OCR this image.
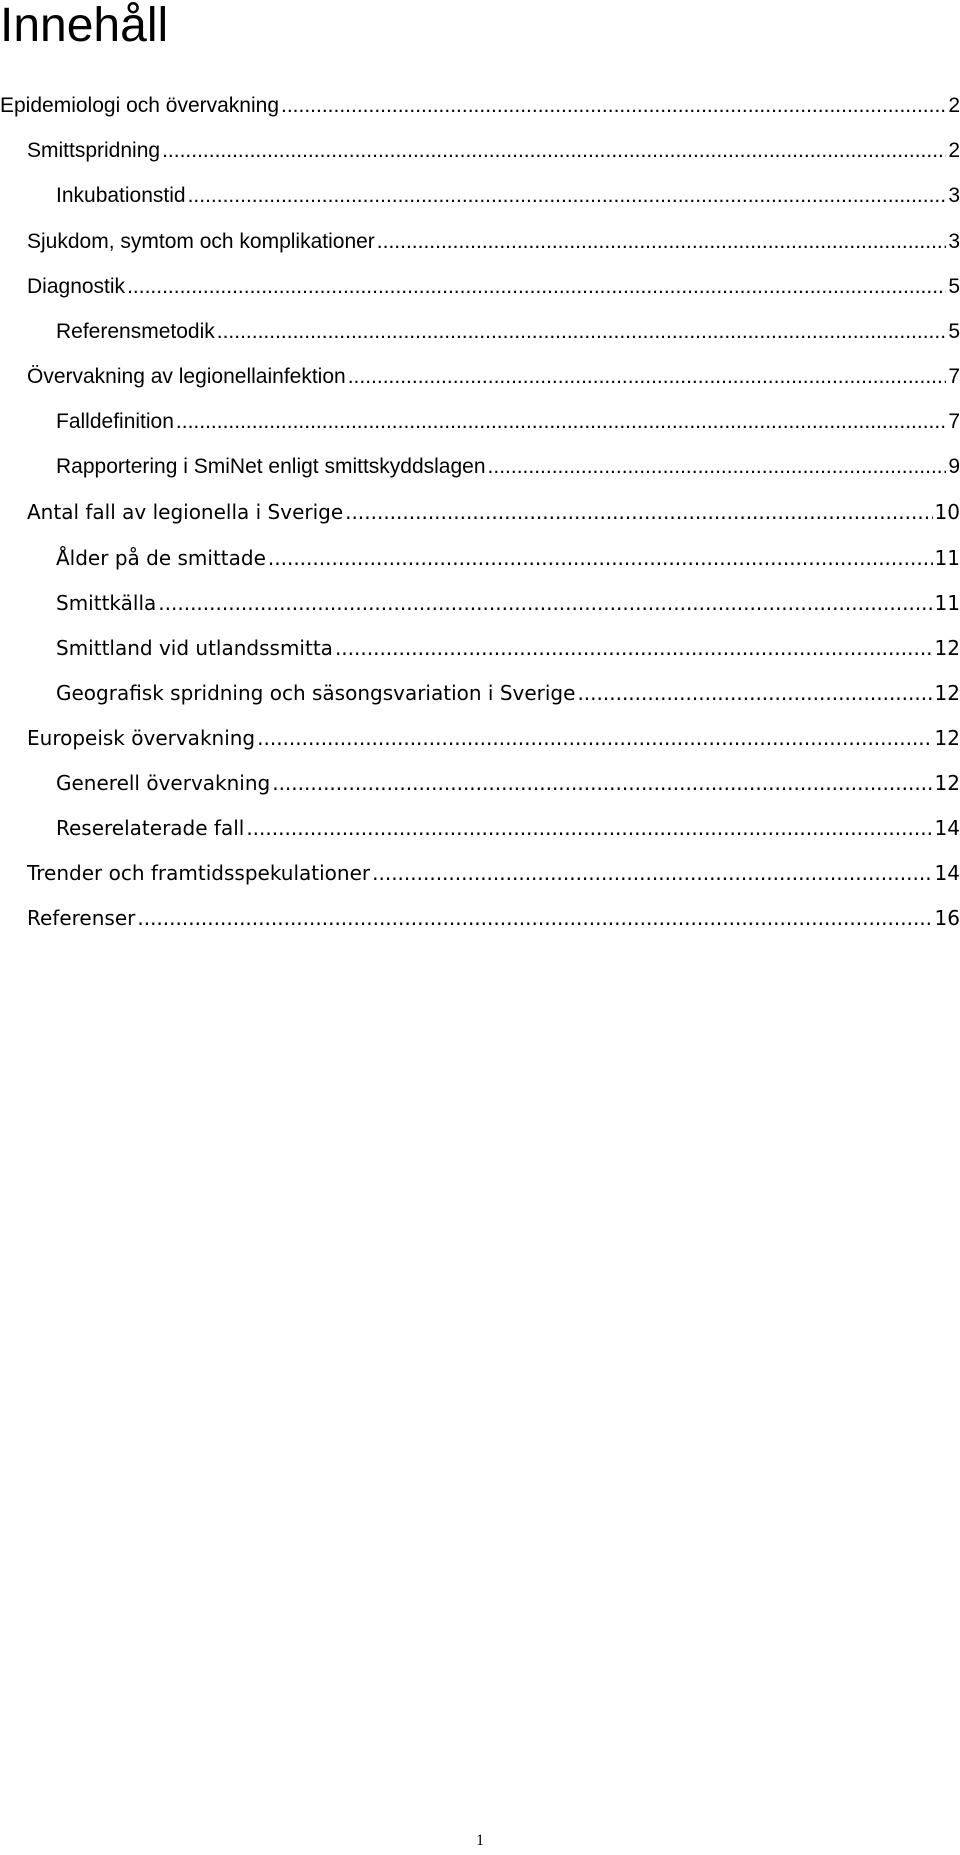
Innehåll
Epidemiologi och övervakning .....	2
Smittspridning .....	2
Inkubationstid .....	3
Sjukdom, symtom och komplikationer .....	3
Diagnostik .....	5
Referensmetodik .....	5
Övervakning av legionellainfektion .....	7
Falldefinition .....	7
Rapportering i SmiNet enligt smittskyddslagen .....	9
Antal fall av legionella i Sverige .....	10
Ålder på de smittade .....	11
Smittkälla .....	11
Smittland vid utlandssmitta .....	12
Geografisk spridning och säsongsvariation i Sverige .....	12
Europeisk övervakning .....	12
Generell övervakning .....	12
Reserelaterade fall .....	14
Trender och framtidsspekulationer .....	14
Referenser .....	16
1
